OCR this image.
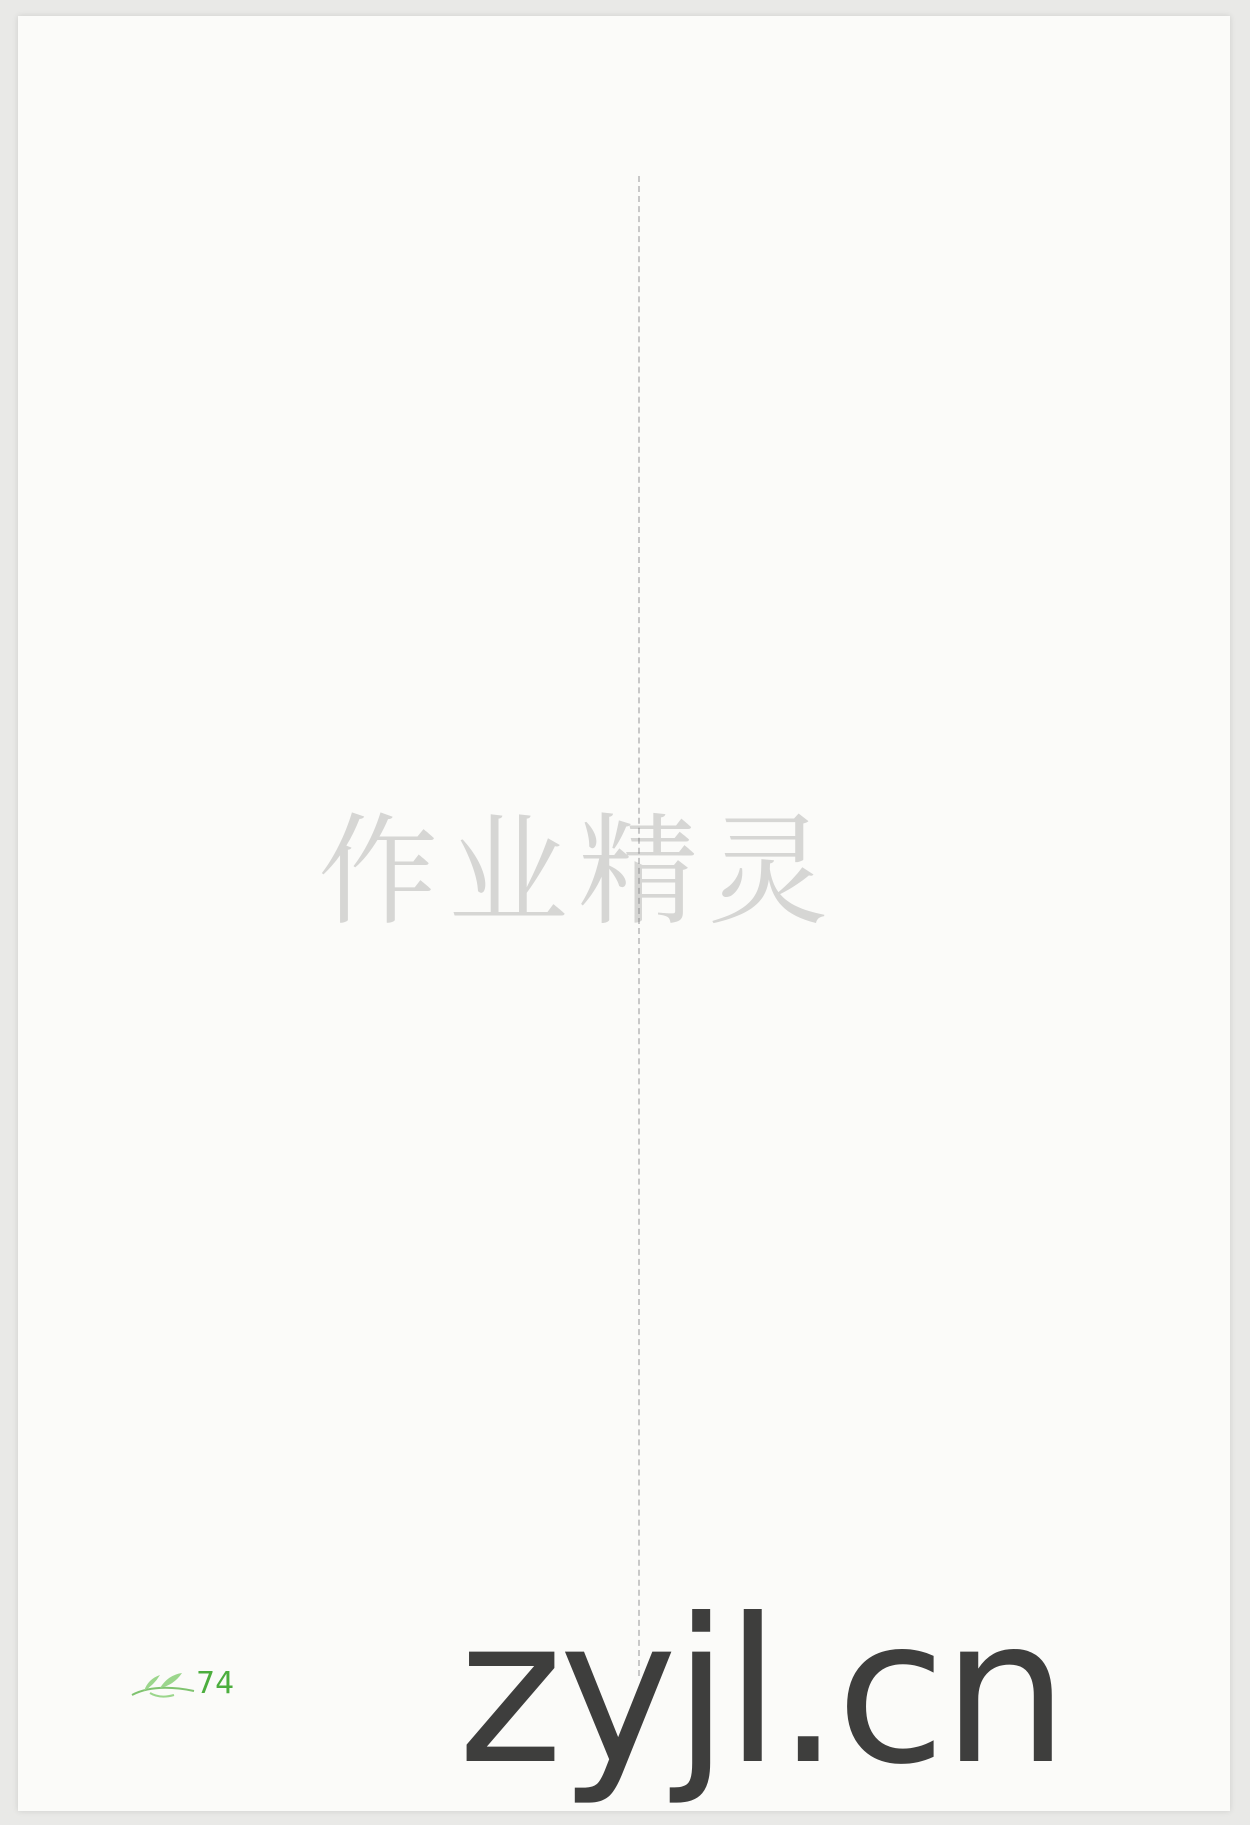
74
作业精灵
zyjl.cn
